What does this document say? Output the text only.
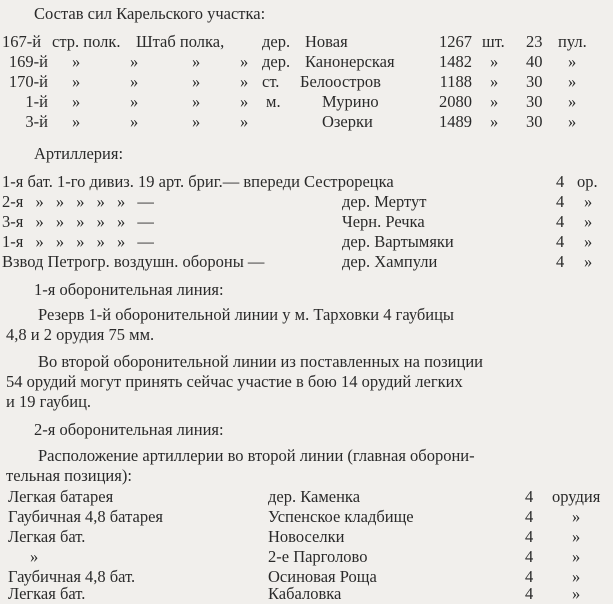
Состав сил Карельского участка:
167-й стр. полк. Штаб полка, дер. Новая	1267 шт. 23 пул.
169-й »	»	» » дер. Канонерская	1482 » 40 »
170-й »	»	» » ст. Белоостров	1188 » 30 »
1-й »	»	» » м.	Мурино	2080 » 30 »
3-й »	»	» »	Озерки	1489 » 30 »
Артиллерия:
1-я бат. 1-го дивиз. 19 арт. бриг.— впереди Сестрорецка	4 ор.
2-я » » » » » —	дер. Мертут	4 »
3-я » » » » » —	Черн. Речка	4 »
1-я » » » » » —	дер. Вартымяки	4 »
Взвод Петрогр. воздушн. обороны —	дер. Хампули	4 »
1-я оборонительная линия:
Резерв 1-й оборонительной линии у м. Тарховки 4 гаубицы
4,8 и 2 орудия 75 мм.
Во второй оборонительной линии из поставленных на позиции
54 орудий могут принять сейчас участие в бою 14 орудий легких
и 19 гаубиц.
2-я оборонительная линия:
Расположение артиллерии во второй линии (главная оборони-
тельная позиция):
Легкая батарея	дер. Каменка	4 орудия
Гаубичная 4,8 батарея	Успенское кладбище	4 »
Легкая бат.	Новоселки	4 »
»	2-е Парголово	4 »
Гаубичная 4,8 бат.	Осиновая Роща	4 »
Легкая бат.	Кабаловка	4 »
